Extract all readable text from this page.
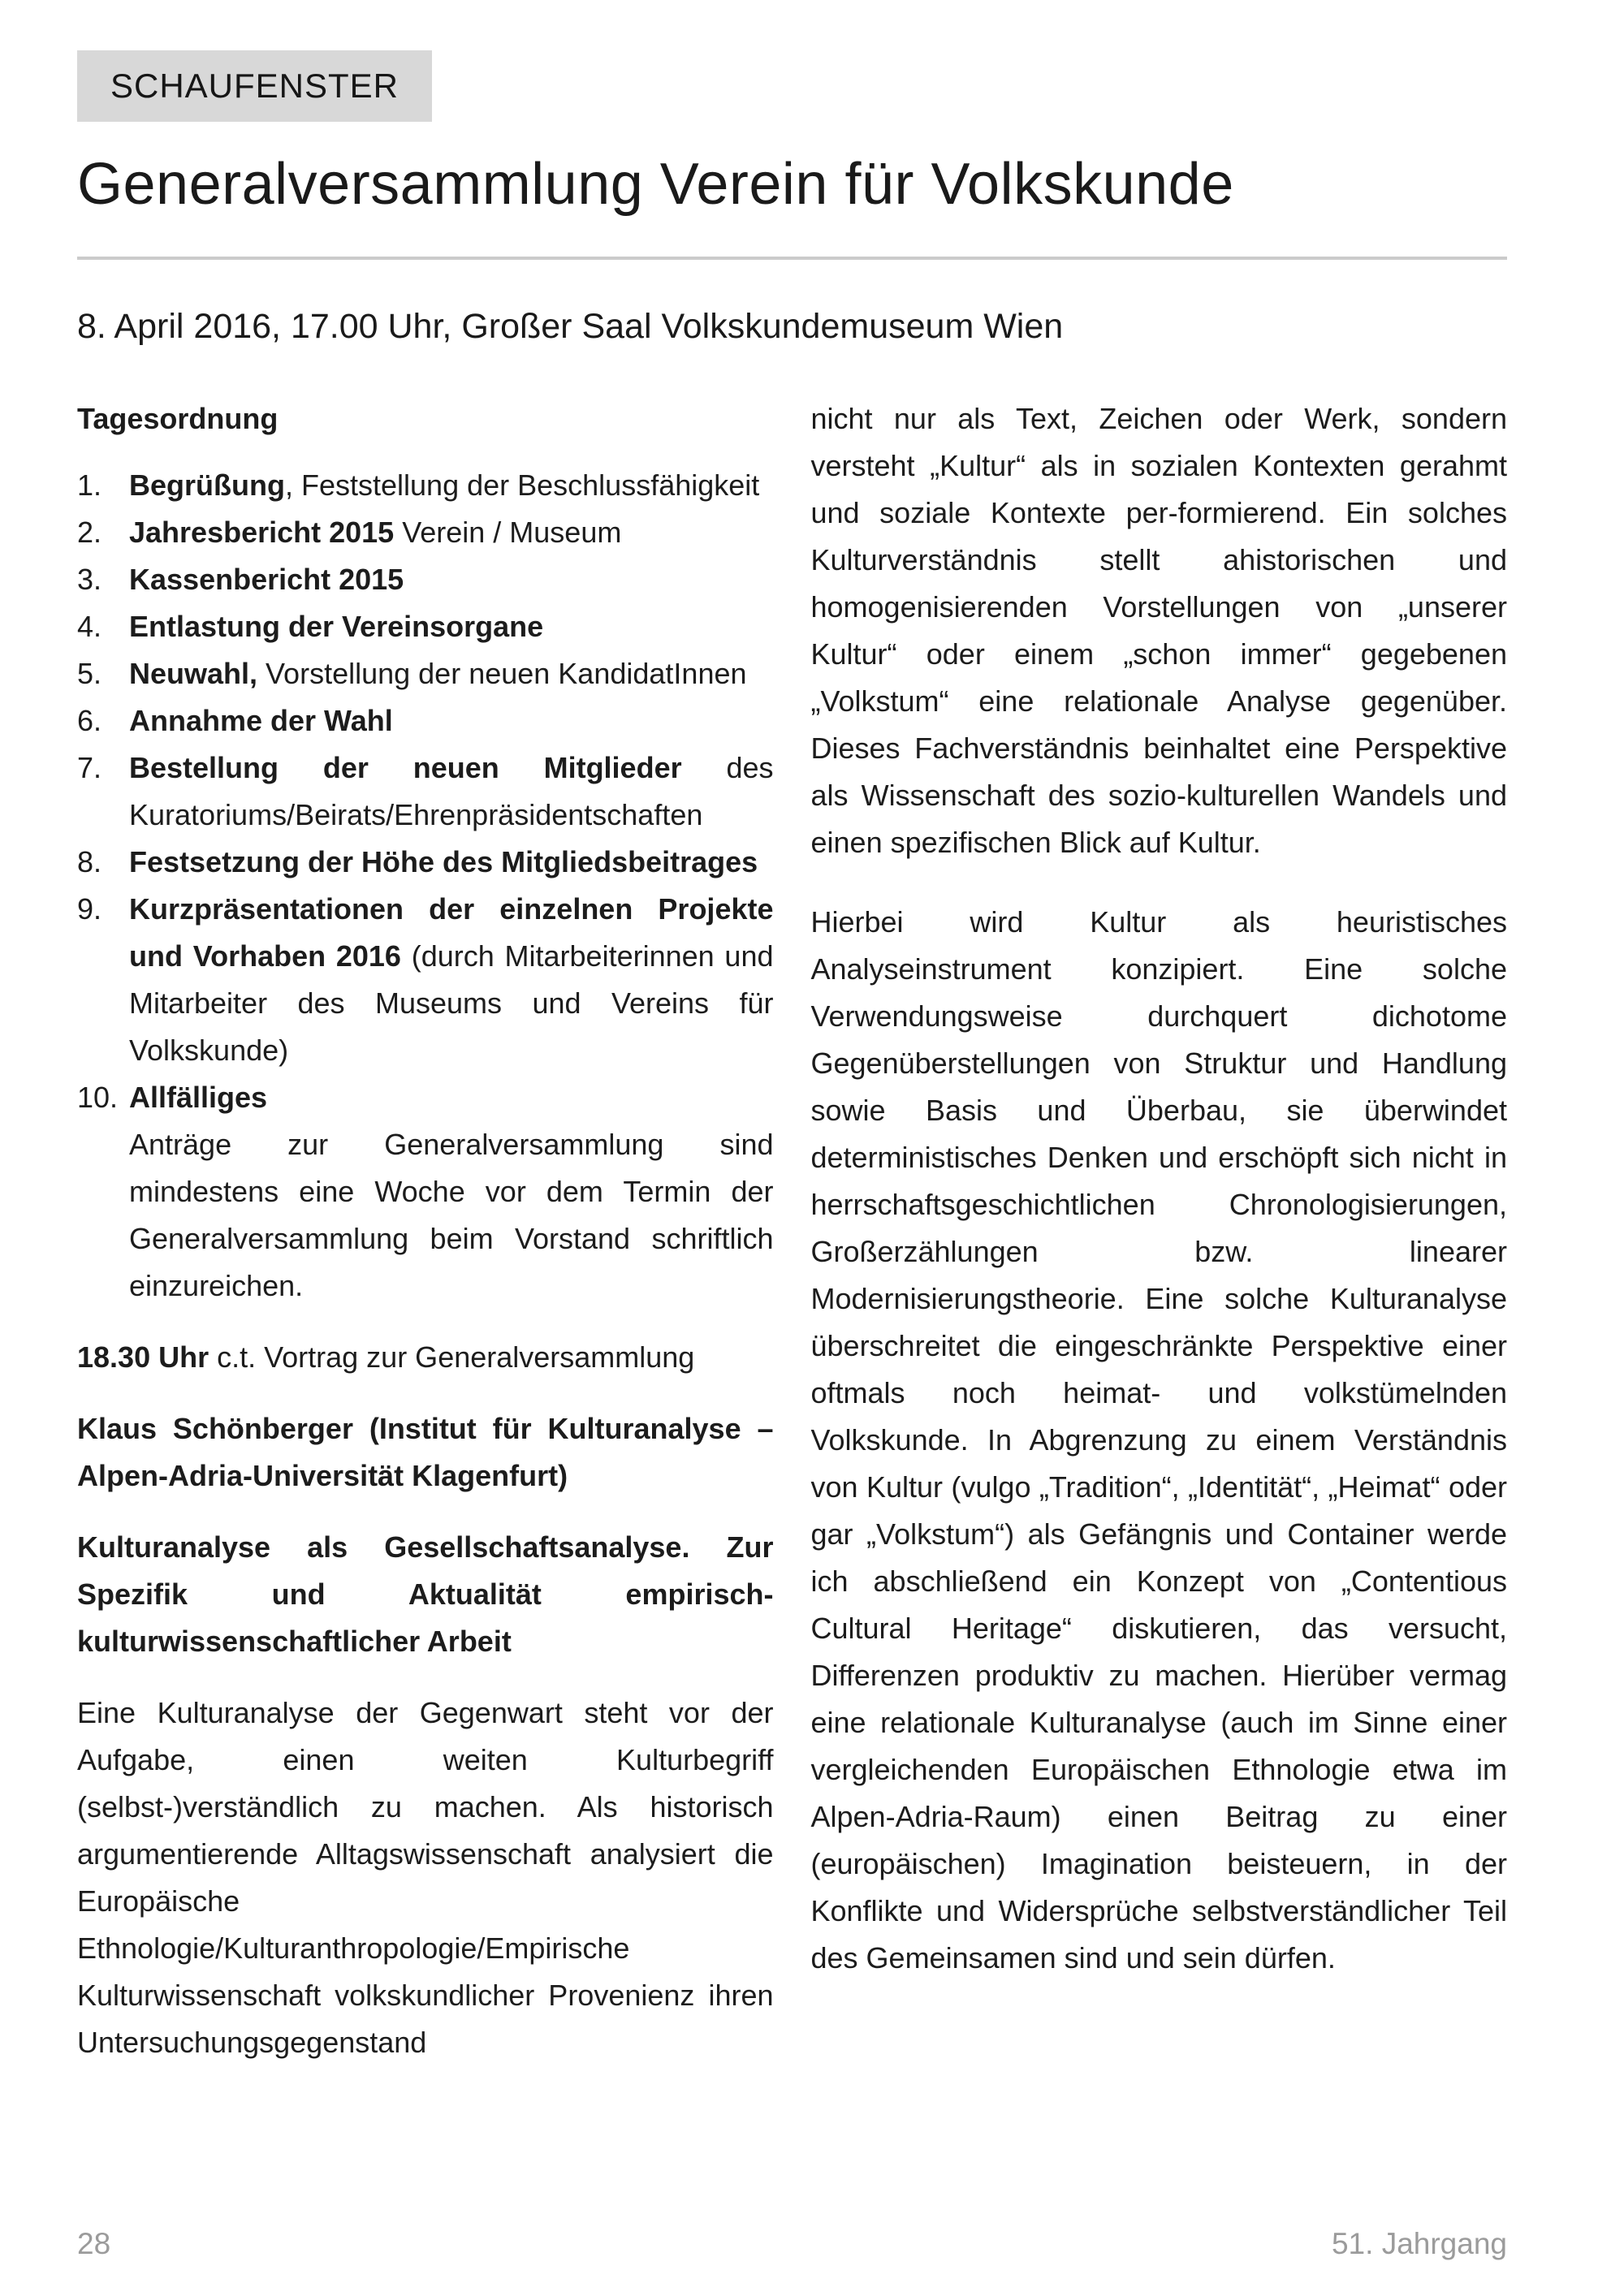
SCHAUFENSTER
Generalversammlung Verein für Volkskunde
8. April 2016, 17.00 Uhr, Großer Saal Volkskundemuseum Wien
Tagesordnung
1. Begrüßung, Feststellung der Beschlussfähigkeit
2. Jahresbericht 2015 Verein / Museum
3. Kassenbericht 2015
4. Entlastung der Vereinsorgane
5. Neuwahl, Vorstellung der neuen KandidatInnen
6. Annahme der Wahl
7. Bestellung der neuen Mitglieder des Kuratoriums/Beirats/Ehrenpräsidentschaften
8. Festsetzung der Höhe des Mitgliedsbeitrages
9. Kurzpräsentationen der einzelnen Projekte und Vorhaben 2016 (durch Mitarbeiterinnen und Mitarbeiter des Museums und Vereins für Volkskunde)
10. Allfälliges
Anträge zur Generalversammlung sind mindestens eine Woche vor dem Termin der Generalversammlung beim Vorstand schriftlich einzureichen.
18.30 Uhr c.t. Vortrag zur Generalversammlung
Klaus Schönberger (Institut für Kulturanalyse – Alpen-Adria-Universität Klagenfurt)
Kulturanalyse als Gesellschaftsanalyse. Zur Spezifik und Aktualität empirisch-kulturwissenschaftlicher Arbeit
Eine Kulturanalyse der Gegenwart steht vor der Aufgabe, einen weiten Kulturbegriff (selbst-)verständlich zu machen. Als historisch argumentierende Alltagswissenschaft analysiert die Europäische Ethnologie/Kulturanthropologie/Empirische Kulturwissenschaft volkskundlicher Provenienz ihren Untersuchungsgegenstand

nicht nur als Text, Zeichen oder Werk, sondern versteht „Kultur“ als in sozialen Kontexten gerahmt und soziale Kontexte per-formierend. Ein solches Kulturverständnis stellt ahistorischen und homogenisierenden Vorstellungen von „unserer Kultur“ oder einem „schon immer“ gegebenen „Volkstum“ eine relationale Analyse gegenüber. Dieses Fachverständnis beinhaltet eine Perspektive als Wissenschaft des sozio-kulturellen Wandels und einen spezifischen Blick auf Kultur.

Hierbei wird Kultur als heuristisches Analyseinstrument konzipiert. Eine solche Verwendungsweise durchquert dichotome Gegenüberstellungen von Struktur und Handlung sowie Basis und Überbau, sie überwindet deterministisches Denken und erschöpft sich nicht in herrschaftsgeschichtlichen Chronologisierungen, Großerzählungen bzw. linearer Modernisierungstheorie. Eine solche Kulturanalyse überschreitet die eingeschränkte Perspektive einer oftmals noch heimat- und volkstümelnden Volkskunde. In Abgrenzung zu einem Verständnis von Kultur (vulgo „Tradition“, „Identität“, „Heimat“ oder gar „Volkstum“) als Gefängnis und Container werde ich abschließend ein Konzept von „Contentious Cultural Heritage“ diskutieren, das versucht, Differenzen produktiv zu machen. Hierüber vermag eine relationale Kulturanalyse (auch im Sinne einer vergleichenden Europäischen Ethnologie etwa im Alpen-Adria-Raum) einen Beitrag zu einer (europäischen) Imagination beisteuern, in der Konflikte und Widersprüche selbstverständlicher Teil des Gemeinsamen sind und sein dürfen.

28	51. Jahrgang
